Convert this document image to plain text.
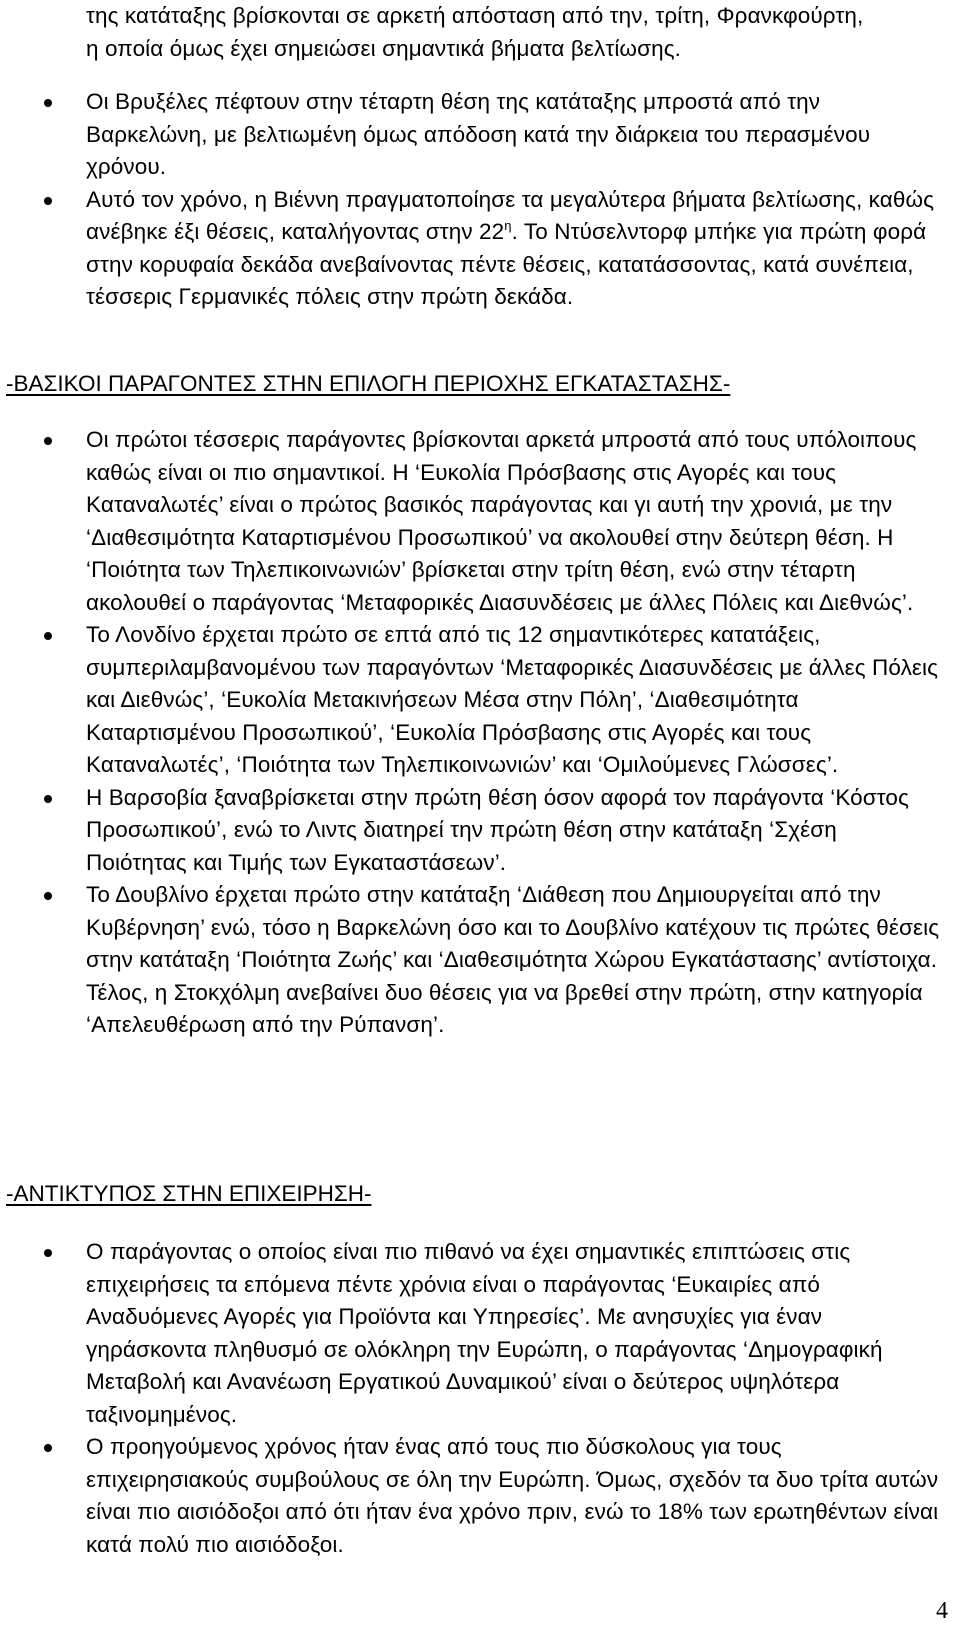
της κατάταξης βρίσκονται σε αρκετή απόσταση από την, τρίτη, Φρανκφούρτη, η οποία όμως έχει σημειώσει σημαντικά βήματα βελτίωσης.
Οι Βρυξέλες πέφτουν στην τέταρτη θέση της κατάταξης μπροστά από την Βαρκελώνη, με βελτιωμένη όμως απόδοση κατά την διάρκεια του περασμένου χρόνου.
Αυτό τον χρόνο, η Βιέννη πραγματοποίησε τα μεγαλύτερα βήματα βελτίωσης, καθώς ανέβηκε έξι θέσεις, καταλήγοντας στην $22^\eta$. Το Ντύσελντορφ μπήκε για πρώτη φορά στην κορυφαία δεκάδα ανεβαίνοντας πέντε θέσεις, κατατάσσοντας, κατά συνέπεια, τέσσερις Γερμανικές πόλεις στην πρώτη δεκάδα.
-ΒΑΣΙΚΟΙ ΠΑΡΑΓΟΝΤΕΣ ΣΤΗΝ ΕΠΙΛΟΓΗ ΠΕΡΙΟΧΗΣ ΕΓΚΑΤΑΣΤΑΣΗΣ-
Οι πρώτοι τέσσερις παράγοντες βρίσκονται αρκετά μπροστά από τους υπόλοιπους καθώς είναι οι πιο σημαντικοί. Η ‘Ευκολία Πρόσβασης στις Αγορές και τους Καταναλωτές’ είναι ο πρώτος βασικός παράγοντας και γι αυτή την χρονιά, με την ‘Διαθεσιμότητα Καταρτισμένου Προσωπικού’ να ακολουθεί στην δεύτερη θέση. Η ‘Ποιότητα των Τηλεπικοινωνιών’ βρίσκεται στην τρίτη θέση, ενώ στην τέταρτη ακολουθεί ο παράγοντας ‘Μεταφορικές Διασυνδέσεις με άλλες Πόλεις και Διεθνώς’.
Το Λονδίνο έρχεται πρώτο σε επτά από τις 12 σημαντικότερες κατατάξεις, συμπεριλαμβανομένου των παραγόντων ‘Μεταφορικές Διασυνδέσεις με άλλες Πόλεις και Διεθνώς’, ‘Ευκολία Μετακινήσεων Μέσα στην Πόλη’, ‘Διαθεσιμότητα Καταρτισμένου Προσωπικού’, ‘Ευκολία Πρόσβασης στις Αγορές και τους Καταναλωτές’, ‘Ποιότητα των Τηλεπικοινωνιών’ και ‘Ομιλούμενες Γλώσσες’.
Η Βαρσοβία ξαναβρίσκεται στην πρώτη θέση όσον αφορά τον παράγοντα ‘Κόστος Προσωπικού’, ενώ το Λιντς διατηρεί την πρώτη θέση στην κατάταξη ‘Σχέση Ποιότητας και Τιμής των Εγκαταστάσεων’.
Το Δουβλίνο έρχεται πρώτο στην κατάταξη ‘Διάθεση που Δημιουργείται από την Κυβέρνηση’ ενώ, τόσο η Βαρκελώνη όσο και το Δουβλίνο κατέχουν τις πρώτες θέσεις στην κατάταξη ‘Ποιότητα Ζωής’ και ‘Διαθεσιμότητα Χώρου Εγκατάστασης’ αντίστοιχα. Τέλος, η Στοκχόλμη ανεβαίνει δυο θέσεις για να βρεθεί στην πρώτη, στην κατηγορία ‘Απελευθέρωση από την Ρύπανση’.
-ΑΝΤΙΚΤΥΠΟΣ ΣΤΗΝ ΕΠΙΧΕΙΡΗΣΗ-
Ο παράγοντας ο οποίος είναι πιο πιθανό να έχει σημαντικές επιπτώσεις στις επιχειρήσεις τα επόμενα πέντε χρόνια είναι ο παράγοντας ‘Ευκαιρίες από Αναδυόμενες Αγορές για Προϊόντα και Υπηρεσίες’. Με ανησυχίες για έναν γηράσκοντα πληθυσμό σε ολόκληρη την Ευρώπη, ο παράγοντας ‘Δημογραφική Μεταβολή και Ανανέωση Εργατικού Δυναμικού’ είναι ο δεύτερος υψηλότερα ταξινομημένος.
Ο προηγούμενος χρόνος ήταν ένας από τους πιο δύσκολους για τους επιχειρησιακούς συμβούλους σε όλη την Ευρώπη. Όμως, σχεδόν τα δυο τρίτα αυτών είναι πιο αισιόδοξοι από ότι ήταν ένα χρόνο πριν, ενώ το 18% των ερωτηθέντων είναι κατά πολύ πιο αισιόδοξοι.
4
